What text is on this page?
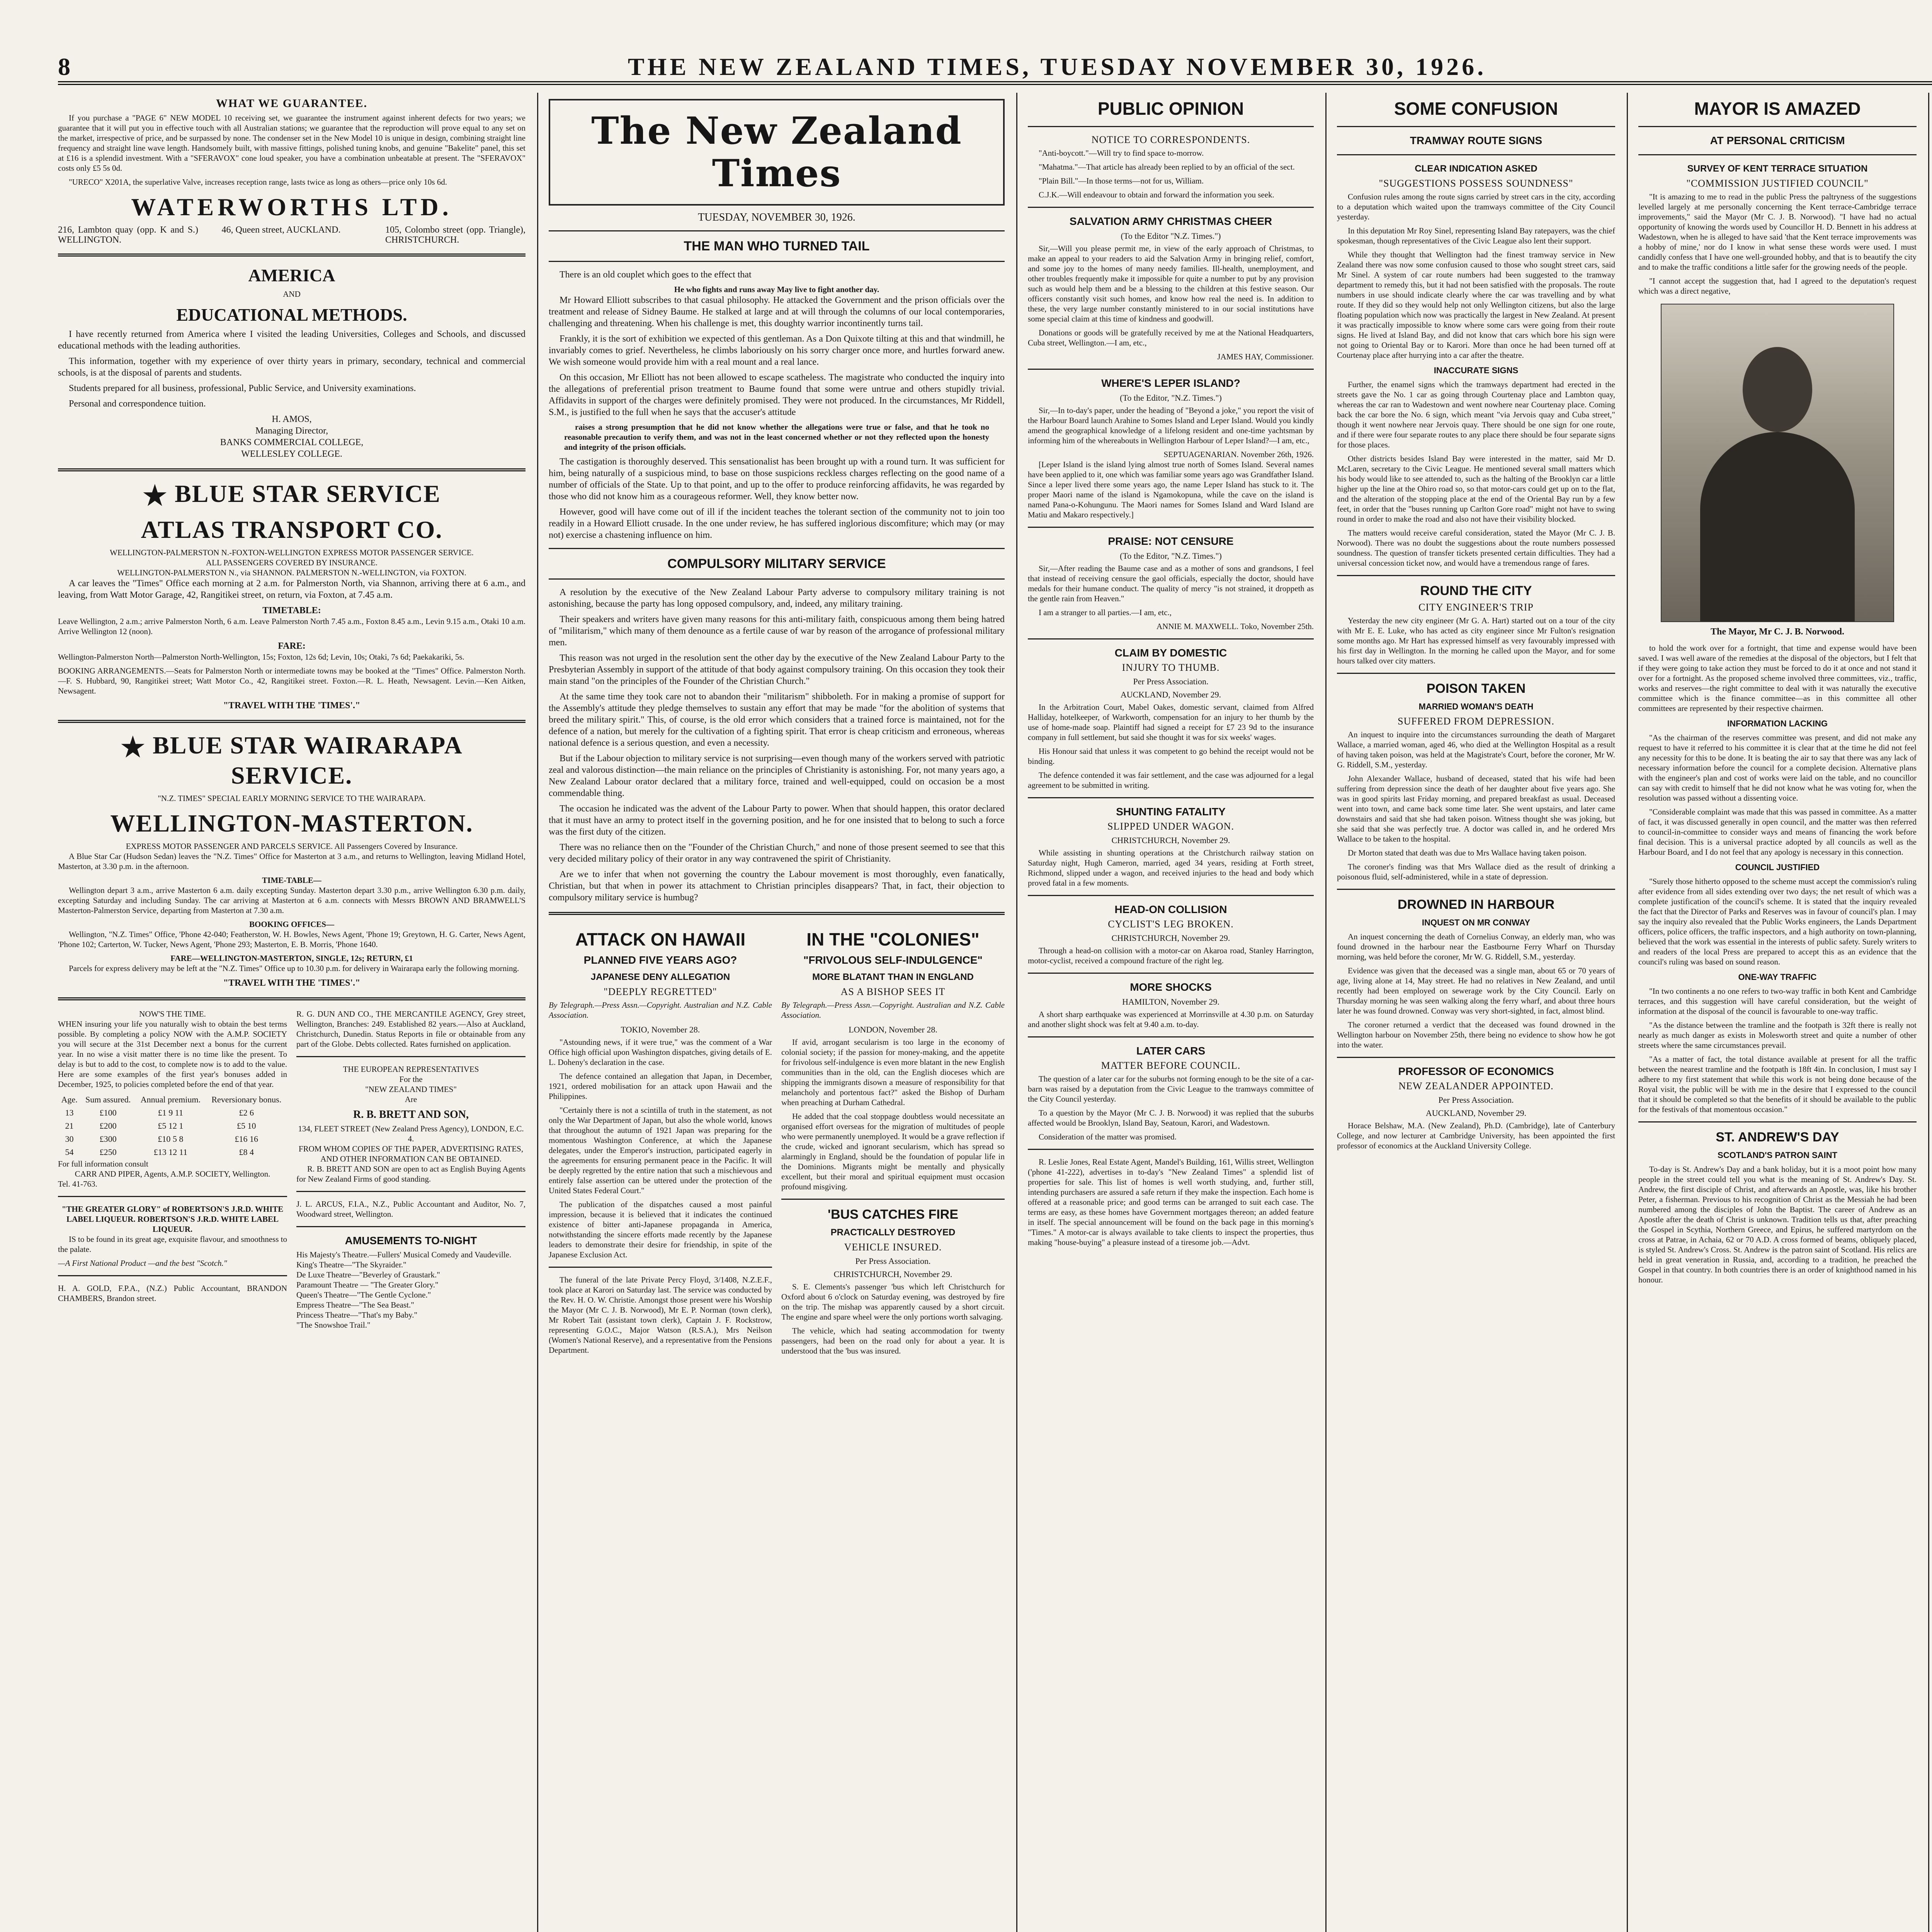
8	THE NEW ZEALAND TIMES, TUESDAY NOVEMBER 30, 1926.
WHAT WE GUARANTEE.

If you purchase a "PAGE 6" NEW MODEL 10 receiving set, we guarantee the instrument against inherent defects for two years; we guarantee that it will put you in effective touch with all Australian stations; we guarantee that the reproduction will prove equal to any set on the market, irrespective of price, and be surpassed by none. The condenser set in the New Model 10 is unique in design, combining straight line frequency and straight line wave length. Handsomely built, with massive fittings, polished tuning knobs, and genuine "Bakelite" panel, this set at £16 is a splendid investment. With a "SFERAVOX" cone loud speaker, you have a combination unbeatable at present. The "SFERAVOX" costs only £5 5s 0d.

"URECO" X201A, the superlative Valve, increases reception range, lasts twice as long as others—price only 10s 6d.

WATERWORTHS LTD.
216, Lambton quay (opp. K and S.) WELLINGTON.
46, Queen street, AUCKLAND.	105, Colombo street (opp. Triangle), CHRISTCHURCH.
AMERICA
AND
EDUCATIONAL METHODS.

I have recently returned from America where I visited the leading Universities, Colleges and Schools, and discussed educational methods with the leading authorities.

This information, together with my experience of over thirty years in primary, secondary, technical and commercial schools, is at the disposal of parents and students.

Students prepared for all business, professional, Public Service, and University examinations.

Personal and correspondence tuition.

H. AMOS,
Managing Director,
BANKS COMMERCIAL COLLEGE,
WELLESLEY COLLEGE.
★ BLUE STAR SERVICE
ATLAS TRANSPORT CO.
WELLINGTON-PALMERSTON N.-FOXTON-WELLINGTON EXPRESS MOTOR PASSENGER SERVICE.
ALL PASSENGERS COVERED BY INSURANCE.
WELLINGTON-PALMERSTON N., via SHANNON. PALMERSTON N.-WELLINGTON, via FOXTON.

A car leaves the "Times" Office each morning at 2 a.m. for Palmerston North, via Shannon, arriving there at 6 a.m., and leaving, from Watt Motor Garage, 42, Rangitikei street, on return, via Foxton, at 7.45 a.m.

TIMETABLE:

Leave Wellington, 2 a.m.; arrive Palmerston North, 6 a.m. Leave Palmerston North 7.45 a.m., Foxton 8.45 a.m., Levin 9.15 a.m., Otaki 10 a.m. Arrive Wellington 12 (noon).

FARE:

Wellington-Palmerston North—Palmerston North-Wellington, 15s; Foxton, 12s 6d; Levin, 10s; Otaki, 7s 6d; Paekakariki, 5s.

BOOKING ARRANGEMENTS.—Seats for Palmerston North or intermediate towns may be booked at the "Times" Office. Palmerston North.—F. S. Hubbard, 90, Rangitikei street; Watt Motor Co., 42, Rangitikei street. Foxton.—R. L. Heath, Newsagent. Levin.—Ken Aitken, Newsagent.

"TRAVEL WITH THE 'TIMES'."
★ BLUE STAR WAIRARAPA SERVICE.
"N.Z. TIMES" SPECIAL EARLY MORNING SERVICE TO THE WAIRARAPA.
WELLINGTON-MASTERTON.
EXPRESS MOTOR PASSENGER AND PARCELS SERVICE. All Passengers Covered by Insurance.

A Blue Star Car (Hudson Sedan) leaves the "N.Z. Times" Office for Masterton at 3 a.m., and returns to Wellington, leaving Midland Hotel, Masterton, at 3.30 p.m. in the afternoon.

TIME-TABLE—

Wellington depart 3 a.m., arrive Masterton 6 a.m. daily excepting Sunday. Masterton depart 3.30 p.m., arrive Wellington 6.30 p.m. daily, excepting Saturday and including Sunday. The car arriving at Masterton at 6 a.m. connects with Messrs BROWN AND BRAMWELL'S Masterton-Palmerston Service, departing from Masterton at 7.30 a.m.

BOOKING OFFICES—

Wellington, "N.Z. Times" Office, 'Phone 42-040; Featherston, W. H. Bowles, News Agent, 'Phone 19; Greytown, H. G. Carter, News Agent, 'Phone 102; Carterton, W. Tucker, News Agent, 'Phone 293; Masterton, E. B. Morris, 'Phone 1640.

FARE—WELLINGTON-MASTERTON, SINGLE, 12s; RETURN, £1

Parcels for express delivery may be left at the "N.Z. Times" Office up to 10.30 p.m. for delivery in Wairarapa early the following morning.

"TRAVEL WITH THE 'TIMES'."
NOW'S THE TIME.

WHEN insuring your life you naturally wish to obtain the best terms possible. By completing a policy NOW with the A.M.P. SOCIETY you will secure at the 31st December next a bonus for the current year. In no wise a visit matter there is no time like the present. To delay is but to add to the cost, to complete now is to add to the value. Here are some examples of the first year's bonuses added in December, 1925, to policies completed before the end of that year.

Age.	Sum assured.	Annual premium.	Reversionary bonus.
13	£100	£1 9 11	£2 6
21	£200	£5 12 1	£5 10
30	£300	£10 5 8	£16 16
54	£250	£13 12 11	£8 4
For full information consult
CARR AND PIPER, Agents, A.M.P. SOCIETY, Wellington.
Tel. 41-763.
"THE GREATER GLORY" of ROBERTSON'S J.R.D. WHITE LABEL LIQUEUR. ROBERTSON'S J.R.D. WHITE LABEL LIQUEUR.

IS to be found in its great age, exquisite flavour, and smoothness to the palate.

—A First National Product —and the best "Scotch."
H. A. GOLD, F.P.A., (N.Z.) Public Accountant, BRANDON CHAMBERS, Brandon street.

R. G. DUN AND CO., THE MERCANTILE AGENCY, Grey street, Wellington, Branches: 249. Established 82 years.—Also at Auckland, Christchurch, Dunedin. Status Reports in file or obtainable from any part of the Globe. Debts collected. Rates furnished on application.

THE EUROPEAN REPRESENTATIVES
For the
"NEW ZEALAND TIMES"
Are
R. B. BRETT AND SON,
134, FLEET STREET (New Zealand Press Agency), LONDON, E.C. 4.
FROM WHOM COPIES OF THE PAPER, ADVERTISING RATES, AND OTHER INFORMATION CAN BE OBTAINED.

R. B. BRETT AND SON are open to act as English Buying Agents for New Zealand Firms of good standing.

J. L. ARCUS, F.I.A., N.Z., Public Accountant and Auditor, No. 7, Woodward street, Wellington.
AMUSEMENTS TO-NIGHT
His Majesty's Theatre.—Fullers' Musical Comedy and Vaudeville.
King's Theatre—"The Skyraider."
De Luxe Theatre—"Beverley of Graustark."
Paramount Theatre — "The Greater Glory."
Queen's Theatre—"The Gentle Cyclone."
Empress Theatre—"The Sea Beast."
Princess Theatre—"That's my Baby."
"The Snowshoe Trail."
The New Zealand Times
TUESDAY, NOVEMBER 30, 1926.
THE MAN WHO TURNED TAIL

There is an old couplet which goes to the effect that

He who fights and runs away May live to fight another day.

Mr Howard Elliott subscribes to that casual philosophy. He attacked the Government and the prison officials over the treatment and release of Sidney Baume. He stalked at large and at will through the columns of our local contemporaries, challenging and threatening. When his challenge is met, this doughty warrior incontinently turns tail.

Frankly, it is the sort of exhibition we expected of this gentleman. As a Don Quixote tilting at this and that windmill, he invariably comes to grief. Nevertheless, he climbs laboriously on his sorry charger once more, and hurtles forward anew. We wish someone would provide him with a real mount and a real lance.

On this occasion, Mr Elliott has not been allowed to escape scatheless. The magistrate who conducted the inquiry into the allegations of preferential prison treatment to Baume found that some were untrue and others stupidly trivial. Affidavits in support of the charges were definitely promised. They were not produced. In the circumstances, Mr Riddell, S.M., is justified to the full when he says that the accuser's attitude

raises a strong presumption that he did not know whether the allegations were true or false, and that he took no reasonable precaution to verify them, and was not in the least concerned whether or not they reflected upon the honesty and integrity of the prison officials.

The castigation is thoroughly deserved. This sensationalist has been brought up with a round turn. It was sufficient for him, being naturally of a suspicious mind, to base on those suspicions reckless charges reflecting on the good name of a number of officials of the State. Up to that point, and up to the offer to produce reinforcing affidavits, he was regarded by those who did not know him as a courageous reformer. Well, they know better now.

However, good will have come out of ill if the incident teaches the tolerant section of the community not to join too readily in a Howard Elliott crusade. In the one under review, he has suffered inglorious discomfiture; which may (or may not) exercise a chastening influence on him.

COMPULSORY MILITARY SERVICE

A resolution by the executive of the New Zealand Labour Party adverse to compulsory military training is not astonishing, because the party has long opposed compulsory, and, indeed, any military training.

Their speakers and writers have given many reasons for this anti-military faith, conspicuous among them being hatred of "militarism," which many of them denounce as a fertile cause of war by reason of the arrogance of professional military men.

This reason was not urged in the resolution sent the other day by the executive of the New Zealand Labour Party to the Presbyterian Assembly in support of the attitude of that body against compulsory training. On this occasion they took their main stand "on the principles of the Founder of the Christian Church."

At the same time they took care not to abandon their "militarism" shibboleth. For in making a promise of support for the Assembly's attitude they pledge themselves to sustain any effort that may be made "for the abolition of systems that breed the military spirit." This, of course, is the old error which considers that a trained force is maintained, not for the defence of a nation, but merely for the cultivation of a fighting spirit. That error is cheap criticism and erroneous, whereas national defence is a serious question, and even a necessity.

But if the Labour objection to military service is not surprising—even though many of the workers served with patriotic zeal and valorous distinction—the main reliance on the principles of Christianity is astonishing. For, not many years ago, a New Zealand Labour orator declared that a military force, trained and well-equipped, could on occasion be a most commendable thing.

The occasion he indicated was the advent of the Labour Party to power. When that should happen, this orator declared that it must have an army to protect itself in the governing position, and he for one insisted that to belong to such a force was the first duty of the citizen.

There was no reliance then on the "Founder of the Christian Church," and none of those present seemed to see that this very decided military policy of their orator in any way contravened the spirit of Christianity.

Are we to infer that when not governing the country the Labour movement is most thoroughly, even fanatically, Christian, but that when in power its attachment to Christian principles disappears? That, in fact, their objection to compulsory military service is humbug?

ATTACK ON HAWAII
PLANNED FIVE YEARS AGO?
JAPANESE DENY ALLEGATION
"DEEPLY REGRETTED"

By Telegraph.—Press Assn.—Copyright. Australian and N.Z. Cable Association.

TOKIO, November 28.

"Astounding news, if it were true," was the comment of a War Office high official upon Washington dispatches, giving details of E. L. Doheny's declaration in the case.

The defence contained an allegation that Japan, in December, 1921, ordered mobilisation for an attack upon Hawaii and the Philippines.

"Certainly there is not a scintilla of truth in the statement, as not only the War Department of Japan, but also the whole world, knows that throughout the autumn of 1921 Japan was preparing for the momentous Washington Conference, at which the Japanese delegates, under the Emperor's instruction, participated eagerly in the agreements for ensuring permanent peace in the Pacific. It will be deeply regretted by the entire nation that such a mischievous and entirely false assertion can be uttered under the protection of the United States Federal Court."

The publication of the dispatches caused a most painful impression, because it is believed that it indicates the continued existence of bitter anti-Japanese propaganda in America, notwithstanding the sincere efforts made recently by the Japanese leaders to demonstrate their desire for friendship, in spite of the Japanese Exclusion Act.

The funeral of the late Private Percy Floyd, 3/1408, N.Z.E.F., took place at Karori on Saturday last. The service was conducted by the Rev. H. O. W. Christie. Amongst those present were his Worship the Mayor (Mr C. J. B. Norwood), Mr E. P. Norman (town clerk), Mr Robert Tait (assistant town clerk), Captain J. F. Rockstrow, representing G.O.C., Major Watson (R.S.A.), Mrs Neilson (Women's National Reserve), and a representative from the Pensions Department.

IN THE "COLONIES"
"FRIVOLOUS SELF-INDULGENCE"
MORE BLATANT THAN IN ENGLAND
AS A BISHOP SEES IT

By Telegraph.—Press Assn.—Copyright. Australian and N.Z. Cable Association.

LONDON, November 28.

If avid, arrogant secularism is too large in the economy of colonial society; if the passion for money-making, and the appetite for frivolous self-indulgence is even more blatant in the new English communities than in the old, can the English dioceses which are shipping the immigrants disown a measure of responsibility for that melancholy and portentous fact?" asked the Bishop of Durham when preaching at Durham Cathedral.

He added that the coal stoppage doubtless would necessitate an organised effort overseas for the migration of multitudes of people who were permanently unemployed. It would be a grave reflection if the crude, wicked and ignorant secularism, which has spread so alarmingly in England, should be the foundation of popular life in the Dominions. Migrants might be mentally and physically excellent, but their moral and spiritual equipment must occasion profound misgiving.

'BUS CATCHES FIRE
PRACTICALLY DESTROYED
VEHICLE INSURED.
Per Press Association.
CHRISTCHURCH, November 29.

S. E. Clements's passenger 'bus which left Christchurch for Oxford about 6 o'clock on Saturday evening, was destroyed by fire on the trip. The mishap was apparently caused by a short circuit. The engine and spare wheel were the only portions worth salvaging.

The vehicle, which had seating accommodation for twenty passengers, had been on the road only for about a year. It is understood that the 'bus was insured.

PUBLIC OPINION
NOTICE TO CORRESPONDENTS.

"Anti-boycott."—Will try to find space to-morrow.

"Mahatma."—That article has already been replied to by an official of the sect.

"Plain Bill."—In those terms—not for us, William.

C.J.K.—Will endeavour to obtain and forward the information you seek.

SALVATION ARMY CHRISTMAS CHEER
(To the Editor "N.Z. Times.")

Sir,—Will you please permit me, in view of the early approach of Christmas, to make an appeal to your readers to aid the Salvation Army in bringing relief, comfort, and some joy to the homes of many needy families. Ill-health, unemployment, and other troubles frequently make it impossible for quite a number to put by any provision such as would help them and be a blessing to the children at this festive season. Our officers constantly visit such homes, and know how real the need is. In addition to these, the very large number constantly ministered to in our social institutions have some special claim at this time of kindness and goodwill.

Donations or goods will be gratefully received by me at the National Headquarters, Cuba street, Wellington.—I am, etc.,

JAMES HAY, Commissioner.
WHERE'S LEPER ISLAND?
(To the Editor, "N.Z. Times.")

Sir,—In to-day's paper, under the heading of "Beyond a joke," you report the visit of the Harbour Board launch Arahine to Somes Island and Leper Island. Would you kindly amend the geographical knowledge of a lifelong resident and one-time yachtsman by informing him of the whereabouts in Wellington Harbour of Leper Island?—I am, etc.,

SEPTUAGENARIAN. November 26th, 1926.

[Leper Island is the island lying almost true north of Somes Island. Several names have been applied to it, one which was familiar some years ago was Grandfather Island. Since a leper lived there some years ago, the name Leper Island has stuck to it. The proper Maori name of the island is Ngamokopuna, while the cave on the island is named Pana-o-Kohungunu. The Maori names for Somes Island and Ward Island are Matiu and Makaro respectively.]

PRAISE: NOT CENSURE
(To the Editor, "N.Z. Times.")

Sir,—After reading the Baume case and as a mother of sons and grandsons, I feel that instead of receiving censure the gaol officials, especially the doctor, should have medals for their humane conduct. The quality of mercy "is not strained, it droppeth as the gentle rain from Heaven."

I am a stranger to all parties.—I am, etc.,

ANNIE M. MAXWELL. Toko, November 25th.
CLAIM BY DOMESTIC
INJURY TO THUMB.
Per Press Association.
AUCKLAND, November 29.

In the Arbitration Court, Mabel Oakes, domestic servant, claimed from Alfred Halliday, hotelkeeper, of Warkworth, compensation for an injury to her thumb by the use of home-made soap. Plaintiff had signed a receipt for £7 23 9d to the insurance company in full settlement, but said she thought it was for six weeks' wages.

His Honour said that unless it was competent to go behind the receipt would not be binding.

The defence contended it was fair settlement, and the case was adjourned for a legal agreement to be submitted in writing.

SHUNTING FATALITY
SLIPPED UNDER WAGON.
CHRISTCHURCH, November 29.

While assisting in shunting operations at the Christchurch railway station on Saturday night, Hugh Cameron, married, aged 34 years, residing at Forth street, Richmond, slipped under a wagon, and received injuries to the head and body which proved fatal in a few moments.

HEAD-ON COLLISION
CYCLIST'S LEG BROKEN.
CHRISTCHURCH, November 29.

Through a head-on collision with a motor-car on Akaroa road, Stanley Harrington, motor-cyclist, received a compound fracture of the right leg.

MORE SHOCKS
HAMILTON, November 29.

A short sharp earthquake was experienced at Morrinsville at 4.30 p.m. on Saturday and another slight shock was felt at 9.40 a.m. to-day.

LATER CARS
MATTER BEFORE COUNCIL.

The question of a later car for the suburbs not forming enough to be the site of a car-barn was raised by a deputation from the Civic League to the tramways committee of the City Council yesterday.

To a question by the Mayor (Mr C. J. B. Norwood) it was replied that the suburbs affected would be Brooklyn, Island Bay, Seatoun, Karori, and Wadestown.

Consideration of the matter was promised.

R. Leslie Jones, Real Estate Agent, Mandel's Building, 161, Willis street, Wellington ('phone 41-222), advertises in to-day's "New Zealand Times" a splendid list of properties for sale. This list of homes is well worth studying, and, further still, intending purchasers are assured a safe return if they make the inspection. Each home is offered at a reasonable price; and good terms can be arranged to suit each case. The terms are easy, as these homes have Government mortgages thereon; an added feature in itself. The special announcement will be found on the back page in this morning's "Times." A motor-car is always available to take clients to inspect the properties, thus making "house-buying" a pleasure instead of a tiresome job.—Advt.

SOME CONFUSION
TRAMWAY ROUTE SIGNS
CLEAR INDICATION ASKED
"SUGGESTIONS POSSESS SOUNDNESS"

Confusion rules among the route signs carried by street cars in the city, according to a deputation which waited upon the tramways committee of the City Council yesterday.

In this deputation Mr Roy Sinel, representing Island Bay ratepayers, was the chief spokesman, though representatives of the Civic League also lent their support.

While they thought that Wellington had the finest tramway service in New Zealand there was now some confusion caused to those who sought street cars, said Mr Sinel. A system of car route numbers had been suggested to the tramway department to remedy this, but it had not been satisfied with the proposals. The route numbers in use should indicate clearly where the car was travelling and by what route. If they did so they would help not only Wellington citizens, but also the large floating population which now was practically the largest in New Zealand. At present it was practically impossible to know where some cars were going from their route signs. He lived at Island Bay, and did not know that cars which bore his sign were not going to Oriental Bay or to Karori. More than once he had been turned off at Courtenay place after hurrying into a car after the theatre.

INACCURATE SIGNS

Further, the enamel signs which the tramways department had erected in the streets gave the No. 1 car as going through Courtenay place and Lambton quay, whereas the car ran to Wadestown and went nowhere near Courtenay place. Coming back the car bore the No. 6 sign, which meant "via Jervois quay and Cuba street," though it went nowhere near Jervois quay. There should be one sign for one route, and if there were four separate routes to any place there should be four separate signs for those places.

Other districts besides Island Bay were interested in the matter, said Mr D. McLaren, secretary to the Civic League. He mentioned several small matters which his body would like to see attended to, such as the halting of the Brooklyn car a little higher up the line at the Ohiro road so, so that motor-cars could get up on to the flat, and the alteration of the stopping place at the end of the Oriental Bay run by a few feet, in order that the "buses running up Carlton Gore road" might not have to swing round in order to make the road and also not have their visibility blocked.

The matters would receive careful consideration, stated the Mayor (Mr C. J. B. Norwood). There was no doubt the suggestions about the route numbers possessed soundness. The question of transfer tickets presented certain difficulties. They had a universal concession ticket now, and would have a tremendous range of fares.

ROUND THE CITY
CITY ENGINEER'S TRIP

Yesterday the new city engineer (Mr G. A. Hart) started out on a tour of the city with Mr E. E. Luke, who has acted as city engineer since Mr Fulton's resignation some months ago. Mr Hart has expressed himself as very favourably impressed with his first day in Wellington. In the morning he called upon the Mayor, and for some hours talked over city matters.

POISON TAKEN
MARRIED WOMAN'S DEATH
SUFFERED FROM DEPRESSION.

An inquest to inquire into the circumstances surrounding the death of Margaret Wallace, a married woman, aged 46, who died at the Wellington Hospital as a result of having taken poison, was held at the Magistrate's Court, before the coroner, Mr W. G. Riddell, S.M., yesterday.

John Alexander Wallace, husband of deceased, stated that his wife had been suffering from depression since the death of her daughter about five years ago. She was in good spirits last Friday morning, and prepared breakfast as usual. Deceased went into town, and came back some time later. She went upstairs, and later came downstairs and said that she had taken poison. Witness thought she was joking, but she said that she was perfectly true. A doctor was called in, and he ordered Mrs Wallace to be taken to the hospital.

Dr Morton stated that death was due to Mrs Wallace having taken poison.

The coroner's finding was that Mrs Wallace died as the result of drinking a poisonous fluid, self-administered, while in a state of depression.

DROWNED IN HARBOUR
INQUEST ON MR CONWAY

An inquest concerning the death of Cornelius Conway, an elderly man, who was found drowned in the harbour near the Eastbourne Ferry Wharf on Thursday morning, was held before the coroner, Mr W. G. Riddell, S.M., yesterday.

Evidence was given that the deceased was a single man, about 65 or 70 years of age, living alone at 14, May street. He had no relatives in New Zealand, and until recently had been employed on sewerage work by the City Council. Early on Thursday morning he was seen walking along the ferry wharf, and about three hours later he was found drowned. Conway was very short-sighted, in fact, almost blind.

The coroner returned a verdict that the deceased was found drowned in the Wellington harbour on November 25th, there being no evidence to show how he got into the water.

PROFESSOR OF ECONOMICS
NEW ZEALANDER APPOINTED.
Per Press Association.
AUCKLAND, November 29.

Horace Belshaw, M.A. (New Zealand), Ph.D. (Cambridge), late of Canterbury College, and now lecturer at Cambridge University, has been appointed the first professor of economics at the Auckland University College.

MAYOR IS AMAZED
AT PERSONAL CRITICISM
SURVEY OF KENT TERRACE SITUATION
"COMMISSION JUSTIFIED COUNCIL"

"It is amazing to me to read in the public Press the paltryness of the suggestions levelled largely at me personally concerning the Kent terrace-Cambridge terrace improvements," said the Mayor (Mr C. J. B. Norwood). "I have had no actual opportunity of knowing the words used by Councillor H. D. Bennett in his address at Wadestown, when he is alleged to have said 'that the Kent terrace improvements was a hobby of mine,' nor do I know in what sense these words were used. I must candidly confess that I have one well-grounded hobby, and that is to beautify the city and to make the traffic conditions a little safer for the growing needs of the people.

"I cannot accept the suggestion that, had I agreed to the deputation's request which was a direct negative,

The Mayor, Mr C. J. B. Norwood.

to hold the work over for a fortnight, that time and expense would have been saved. I was well aware of the remedies at the disposal of the objectors, but I felt that if they were going to take action they must be forced to do it at once and not stand it over for a fortnight. As the proposed scheme involved three committees, viz., traffic, works and reserves—the right committee to deal with it was naturally the executive committee which is the finance committee—as in this committee all other committees are represented by their respective chairmen.

INFORMATION LACKING

"As the chairman of the reserves committee was present, and did not make any request to have it referred to his committee it is clear that at the time he did not feel any necessity for this to be done. It is beating the air to say that there was any lack of necessary information before the council for a complete decision. Alternative plans with the engineer's plan and cost of works were laid on the table, and no councillor can say with credit to himself that he did not know what he was voting for, when the resolution was passed without a dissenting voice.

"Considerable complaint was made that this was passed in committee. As a matter of fact, it was discussed generally in open council, and the matter was then referred to council-in-committee to consider ways and means of financing the work before final decision. This is a universal practice adopted by all councils as well as the Harbour Board, and I do not feel that any apology is necessary in this connection.

COUNCIL JUSTIFIED

"Surely those hitherto opposed to the scheme must accept the commission's ruling after evidence from all sides extending over two days; the net result of which was a complete justification of the council's scheme. It is stated that the inquiry revealed the fact that the Director of Parks and Reserves was in favour of council's plan. I may say the inquiry also revealed that the Public Works engineers, the Lands Department officers, police officers, the traffic inspectors, and a high authority on town-planning, believed that the work was essential in the interests of public safety. Surely writers to and readers of the local Press are prepared to accept this as an evidence that the council's ruling was based on sound reason.

ONE-WAY TRAFFIC

"In two continents a no one refers to two-way traffic in both Kent and Cambridge terraces, and this suggestion will have careful consideration, but the weight of information at the disposal of the council is favourable to one-way traffic.

"As the distance between the tramline and the footpath is 32ft there is really not nearly as much danger as exists in Molesworth street and quite a number of other streets where the same circumstances prevail.

"As a matter of fact, the total distance available at present for all the traffic between the nearest tramline and the footpath is 18ft 4in. In conclusion, I must say I adhere to my first statement that while this work is not being done because of the Royal visit, the public will be with me in the desire that I expressed to the council that it should be completed so that the benefits of it should be available to the public for the festivals of that momentous occasion."

ST. ANDREW'S DAY
SCOTLAND'S PATRON SAINT

To-day is St. Andrew's Day and a bank holiday, but it is a moot point how many people in the street could tell you what is the meaning of St. Andrew's Day. St. Andrew, the first disciple of Christ, and afterwards an Apostle, was, like his brother Peter, a fisherman. Previous to his recognition of Christ as the Messiah he had been numbered among the disciples of John the Baptist. The career of Andrew as an Apostle after the death of Christ is unknown. Tradition tells us that, after preaching the Gospel in Scythia, Northern Greece, and Epirus, he suffered martyrdom on the cross at Patrae, in Achaia, 62 or 70 A.D. A cross formed of beams, obliquely placed, is styled St. Andrew's Cross. St. Andrew is the patron saint of Scotland. His relics are held in great veneration in Russia, and, according to a tradition, he preached the Gospel in that country. In both countries there is an order of knighthood named in his honour.
